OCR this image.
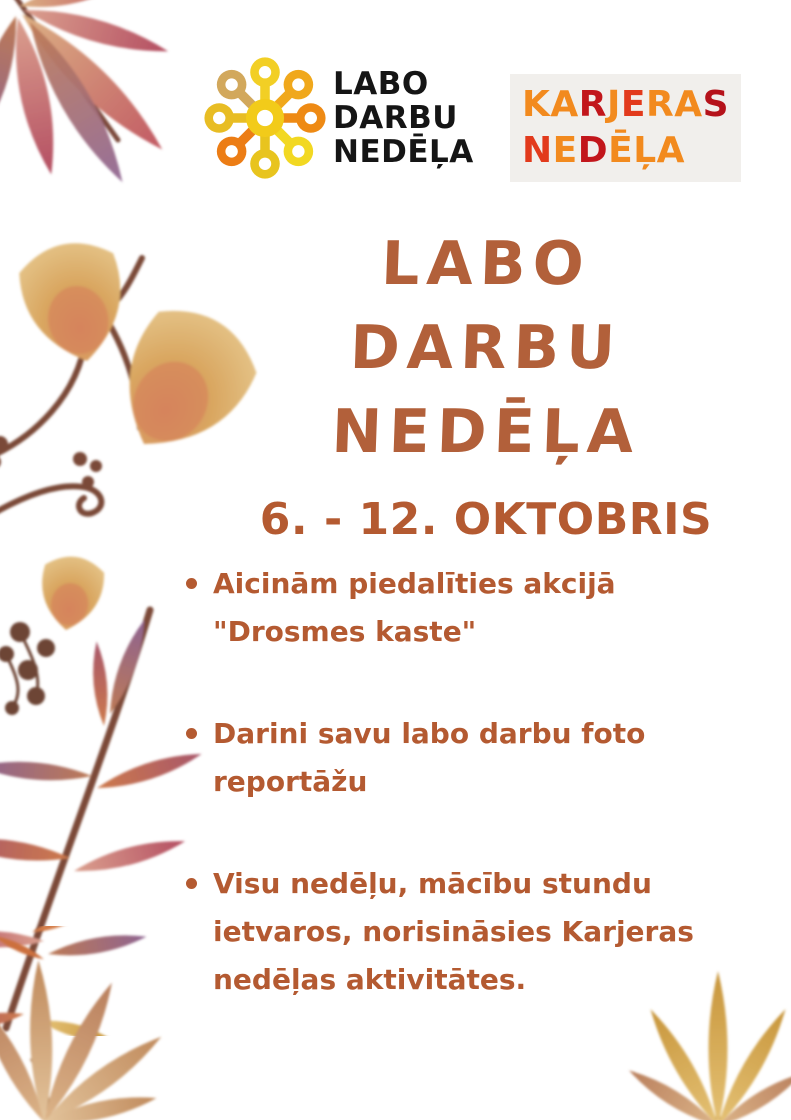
LABO
DARBU
NEDĒĻA
KARJERAS
NEDĒĻA
LABO
DARBU
NEDĒĻA
6. - 12. OKTOBRIS
Aicinām piedalīties akcijā "Drosmes kaste"
Darini savu labo darbu foto reportāžu
Visu nedēļu, mācību stundu ietvaros, norisināsies Karjeras nedēļas aktivitātes.
